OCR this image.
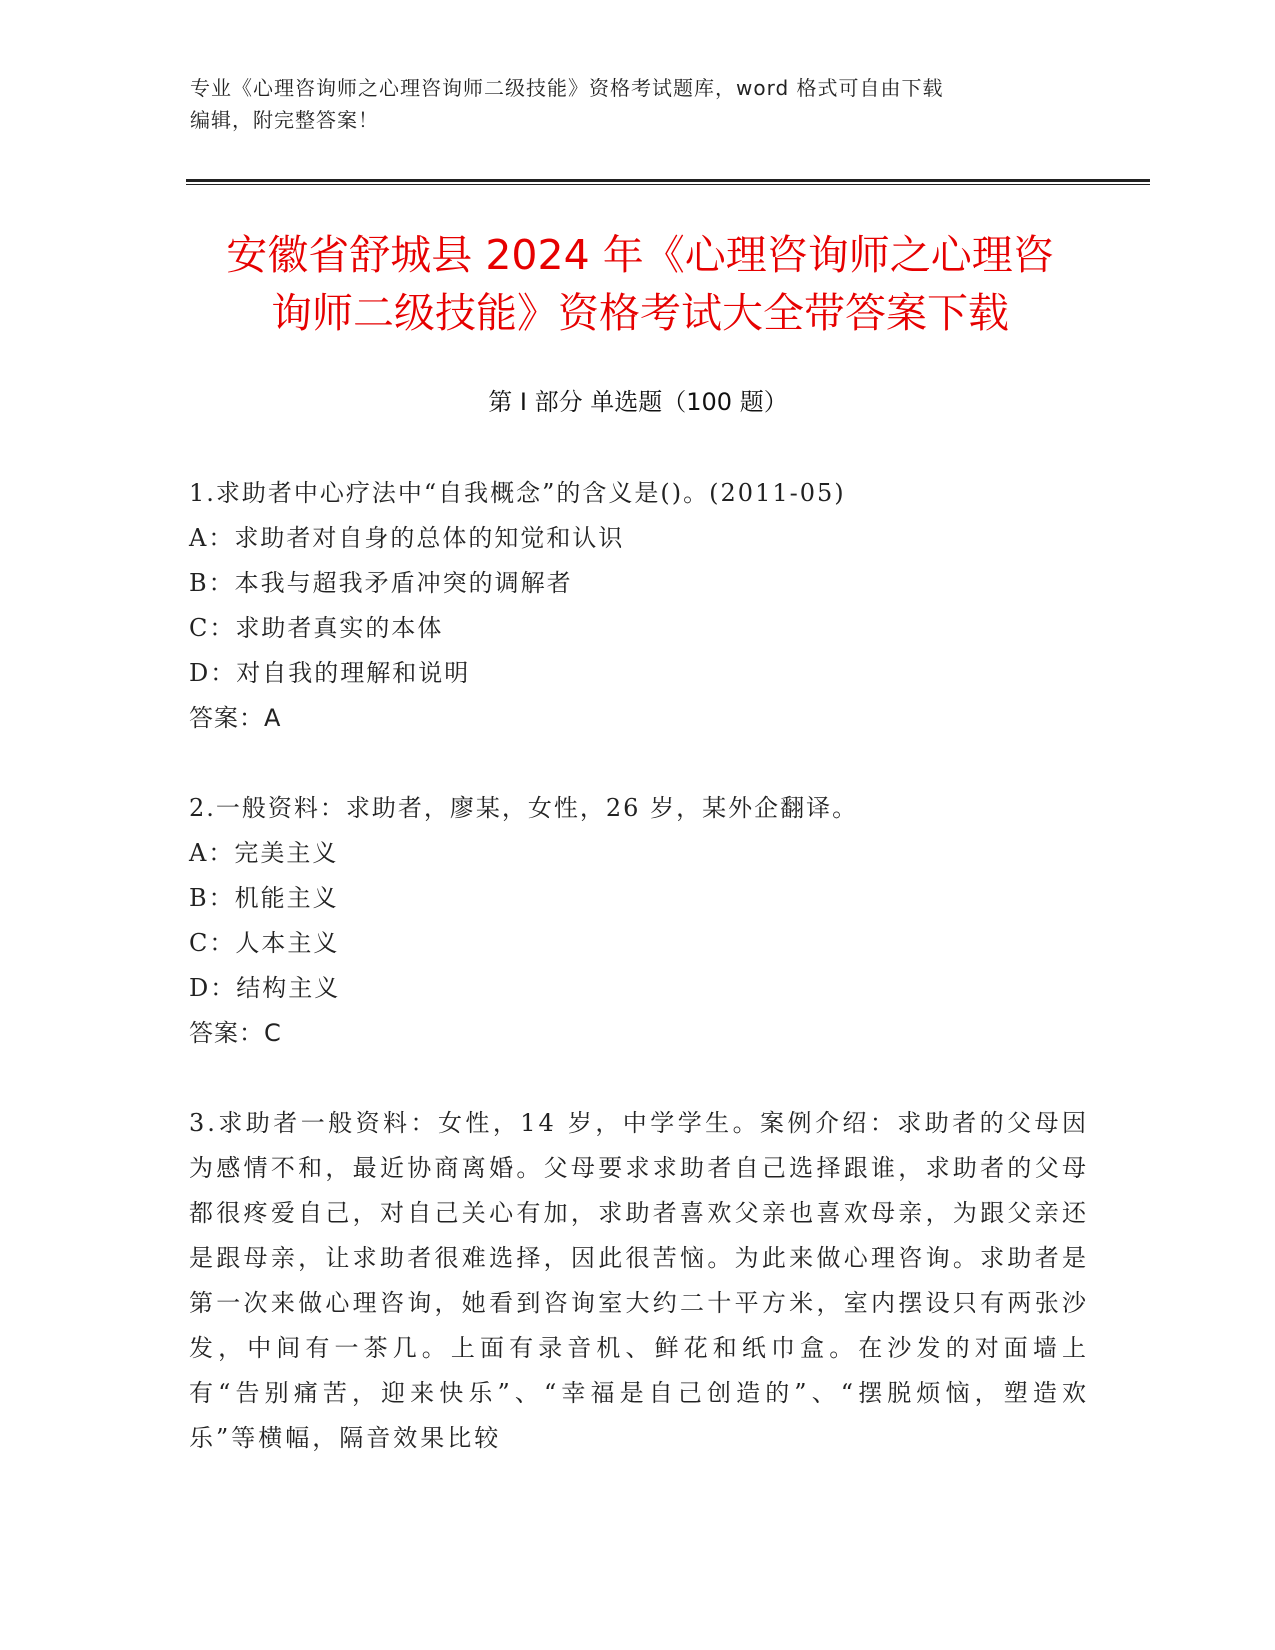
专业《心理咨询师之心理咨询师二级技能》资格考试题库，word 格式可自由下载
编辑，附完整答案！
安徽省舒城县 2024 年《心理咨询师之心理咨
询师二级技能》资格考试大全带答案下载
第 I 部分 单选题（100 题）
1.求助者中心疗法中“自我概念”的含义是()。(2011-05)
A：求助者对自身的总体的知觉和认识
B：本我与超我矛盾冲突的调解者
C：求助者真实的本体
D：对自我的理解和说明
答案：A
2.一般资料：求助者，廖某，女性，26 岁，某外企翻译。
A：完美主义
B：机能主义
C：人本主义
D：结构主义
答案：C
3.求助者一般资料：女性，14 岁，中学学生。案例介绍：求助者的父母因为感情不和，最近协商离婚。父母要求求助者自己选择跟谁，求助者的父母都很疼爱自己，对自己关心有加，求助者喜欢父亲也喜欢母亲，为跟父亲还是跟母亲，让求助者很难选择，因此很苦恼。为此来做心理咨询。求助者是第一次来做心理咨询，她看到咨询室大约二十平方米，室内摆设只有两张沙发，中间有一茶几。上面有录音机、鲜花和纸巾盒。在沙发的对面墙上有“告别痛苦，迎来快乐”、“幸福是自己创造的”、“摆脱烦恼，塑造欢乐”等横幅，隔音效果比较
